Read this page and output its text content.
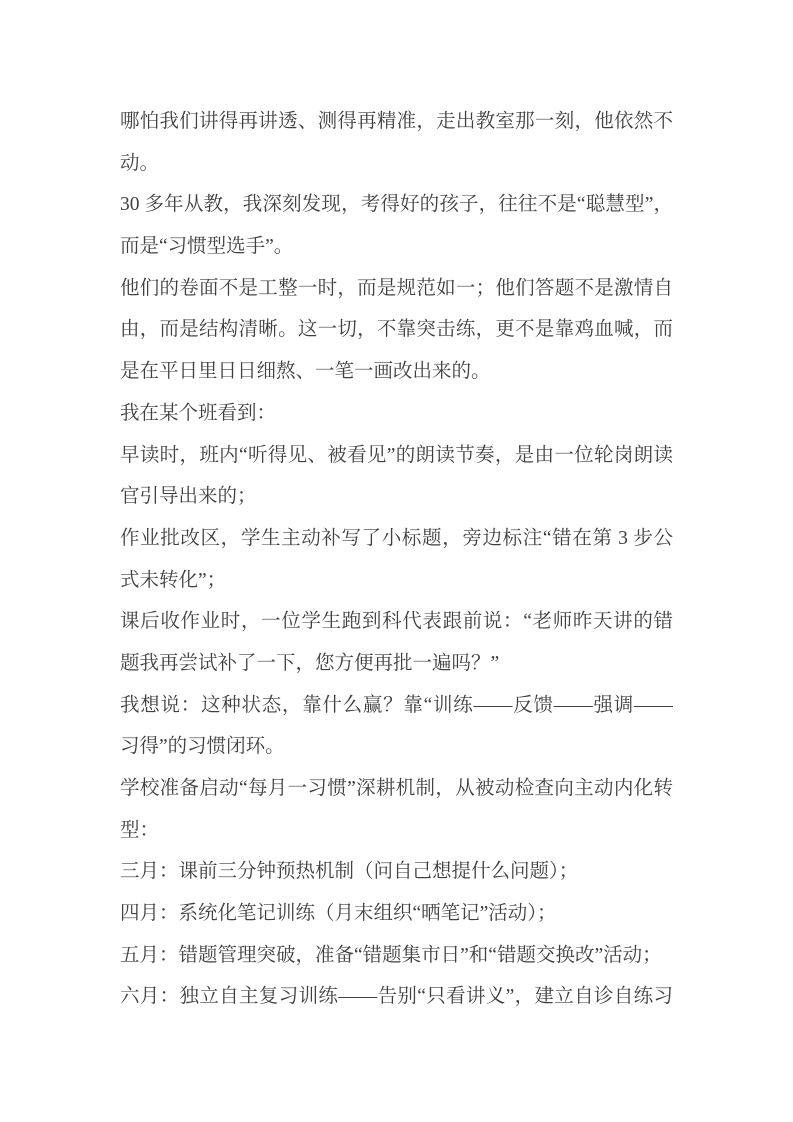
哪怕我们讲得再讲透、测得再精准，走出教室那一刻，他依然不
动。

30 多年从教，我深刻发现，考得好的孩子，往往不是“聪慧型”，
而是“习惯型选手”。

他们的卷面不是工整一时，而是规范如一；他们答题不是激情自
由，而是结构清晰。这一切，不靠突击练，更不是靠鸡血喊，而
是在平日里日日细熬、一笔一画改出来的。

我在某个班看到：

早读时，班内“听得见、被看见”的朗读节奏，是由一位轮岗朗读
官引导出来的；

作业批改区，学生主动补写了小标题，旁边标注“错在第 3 步公
式未转化”；

课后收作业时，一位学生跑到科代表跟前说：“老师昨天讲的错
题我再尝试补了一下，您方便再批一遍吗？”

我想说：这种状态，靠什么赢？靠“训练——反馈——强调——
习得”的习惯闭环。

学校准备启动“每月一习惯”深耕机制，从被动检查向主动内化转
型：

三月：课前三分钟预热机制（问自己想提什么问题）；

四月：系统化笔记训练（月末组织“晒笔记”活动）；

五月：错题管理突破，准备“错题集市日”和“错题交换改”活动；

六月：独立自主复习训练——告别“只看讲义”，建立自诊自练习
